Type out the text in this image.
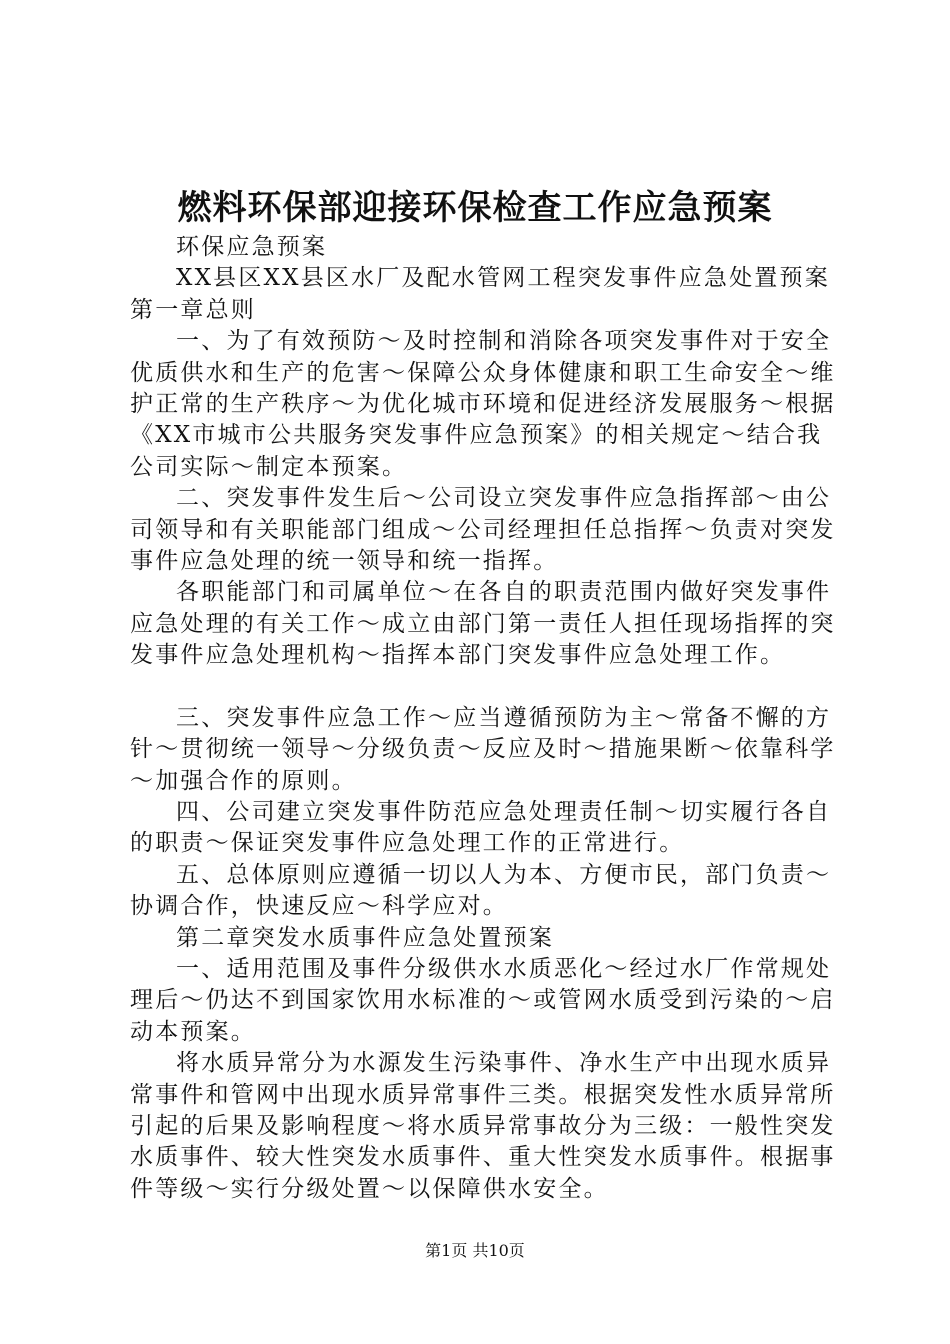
燃料环保部迎接环保检查工作应急预案

环保应急预案

XX县区XX县区水厂及配水管网工程突发事件应急处置预案

第一章总则

一、为了有效预防～及时控制和消除各项突发事件对于安全优质供水和生产的危害～保障公众身体健康和职工生命安全～维护正常的生产秩序～为优化城市环境和促进经济发展服务～根据《XX市城市公共服务突发事件应急预案》的相关规定～结合我公司实际～制定本预案。

二、突发事件发生后～公司设立突发事件应急指挥部～由公司领导和有关职能部门组成～公司经理担任总指挥～负责对突发事件应急处理的统一领导和统一指挥。

各职能部门和司属单位～在各自的职责范围内做好突发事件应急处理的有关工作～成立由部门第一责任人担任现场指挥的突发事件应急处理机构～指挥本部门突发事件应急处理工作。

三、突发事件应急工作～应当遵循预防为主～常备不懈的方针～贯彻统一领导～分级负责～反应及时～措施果断～依靠科学～加强合作的原则。

四、公司建立突发事件防范应急处理责任制～切实履行各自的职责～保证突发事件应急处理工作的正常进行。

五、总体原则应遵循一切以人为本、方便市民，部门负责～协调合作，快速反应～科学应对。

第二章突发水质事件应急处置预案

一、适用范围及事件分级供水水质恶化～经过水厂作常规处理后～仍达不到国家饮用水标准的～或管网水质受到污染的～启动本预案。

将水质异常分为水源发生污染事件、净水生产中出现水质异常事件和管网中出现水质异常事件三类。根据突发性水质异常所引起的后果及影响程度～将水质异常事故分为三级：一般性突发水质事件、较大性突发水质事件、重大性突发水质事件。根据事件等级～实行分级处置～以保障供水安全。

第1页 共10页
